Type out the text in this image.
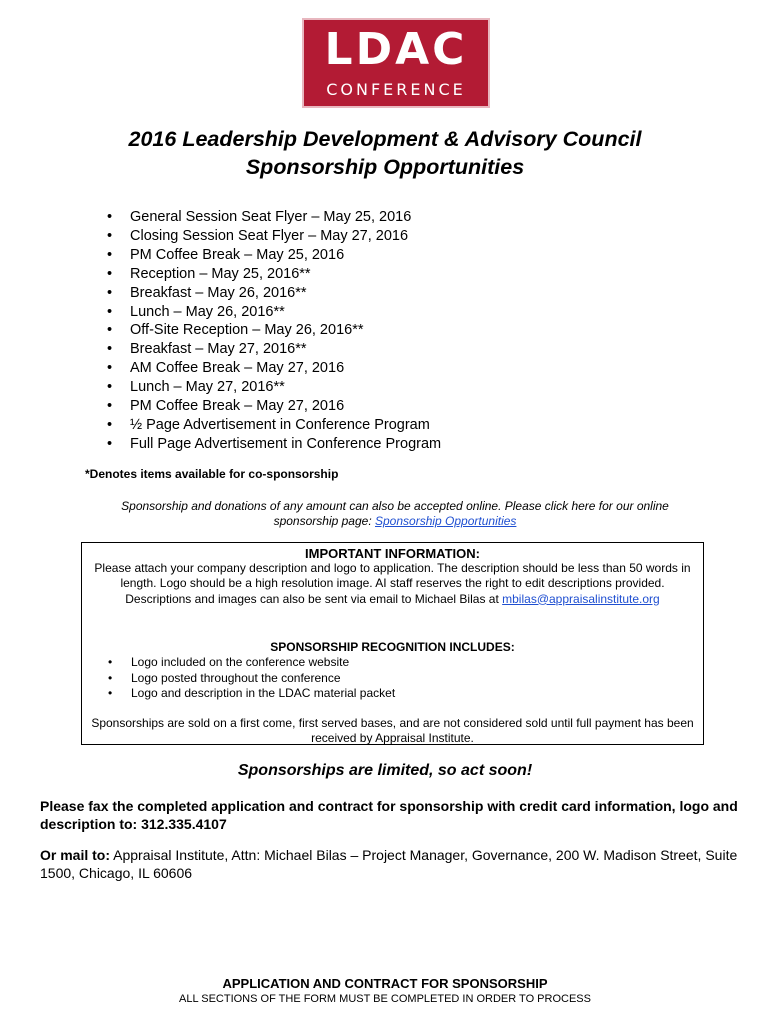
LDAC
CONFERENCE
2016 Leadership Development & Advisory Council
Sponsorship Opportunities
• General Session Seat Flyer – May 25, 2016
• Closing Session Seat Flyer – May 27, 2016
• PM Coffee Break – May 25, 2016
• Reception – May 25, 2016**
• Breakfast – May 26, 2016**
• Lunch – May 26, 2016**
• Off-Site Reception – May 26, 2016**
• Breakfast – May 27, 2016**
• AM Coffee Break – May 27, 2016
• Lunch – May 27, 2016**
• PM Coffee Break – May 27, 2016
• ½ Page Advertisement in Conference Program
• Full Page Advertisement in Conference Program
*Denotes items available for co-sponsorship
Sponsorship and donations of any amount can also be accepted online. Please click here for our online sponsorship page: Sponsorship Opportunities
IMPORTANT INFORMATION:
Please attach your company description and logo to application. The description should be less than 50 words in length. Logo should be a high resolution image. AI staff reserves the right to edit descriptions provided.
Descriptions and images can also be sent via email to Michael Bilas at mbilas@appraisalinstitute.org
SPONSORSHIP RECOGNITION INCLUDES:
• Logo included on the conference website
• Logo posted throughout the conference
• Logo and description in the LDAC material packet
Sponsorships are sold on a first come, first served bases, and are not considered sold until full payment has been received by Appraisal Institute.
Sponsorships are limited, so act soon!
Please fax the completed application and contract for sponsorship with credit card information, logo and description to: 312.335.4107
Or mail to: Appraisal Institute, Attn: Michael Bilas – Project Manager, Governance, 200 W. Madison Street, Suite 1500, Chicago, IL 60606
APPLICATION AND CONTRACT FOR SPONSORSHIP
ALL SECTIONS OF THE FORM MUST BE COMPLETED IN ORDER TO PROCESS
